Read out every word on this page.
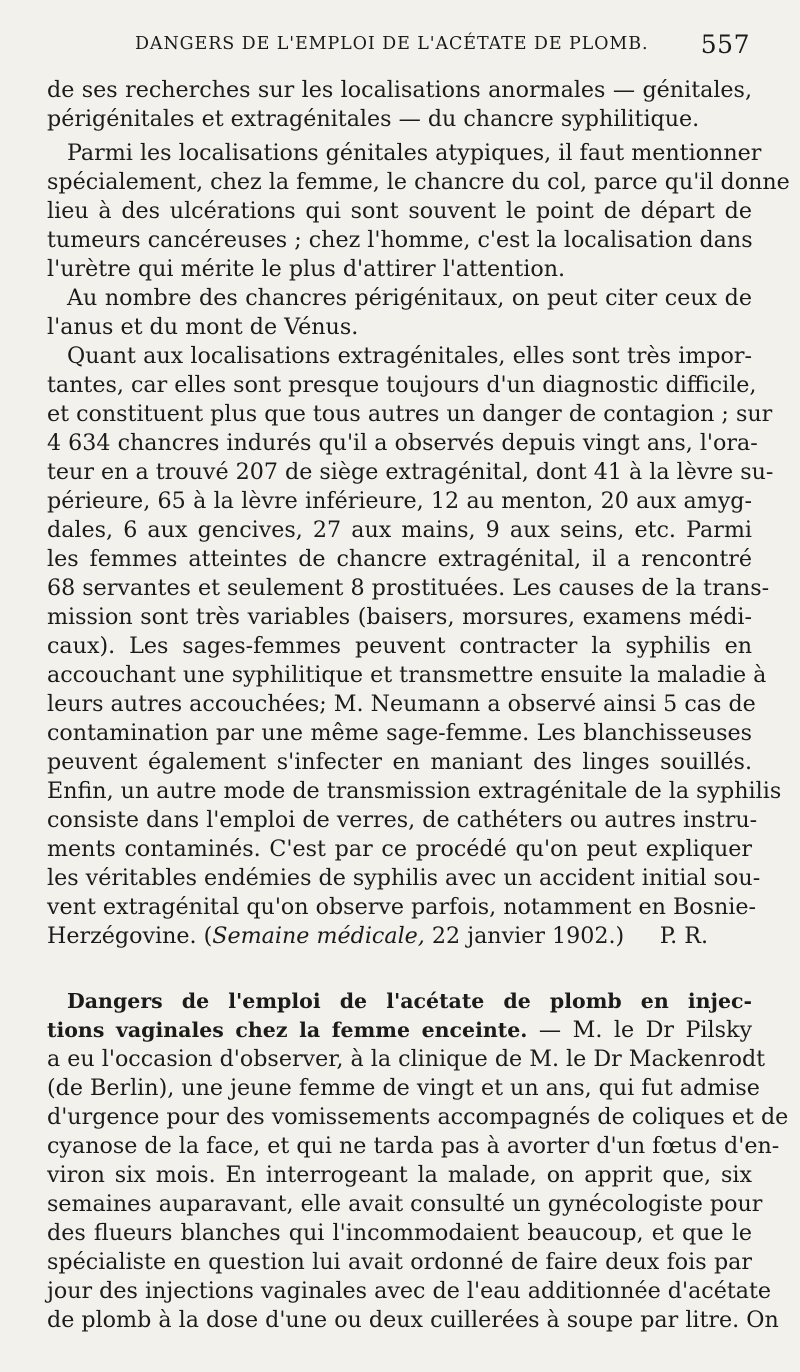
DANGERS DE L'EMPLOI DE L'ACÉTATE DE PLOMB. 557
de ses recherches sur les localisations anormales — génitales,
périgénitales et extragénitales — du chancre syphilitique.
Parmi les localisations génitales atypiques, il faut mentionner
spécialement, chez la femme, le chancre du col, parce qu'il donne
lieu à des ulcérations qui sont souvent le point de départ de
tumeurs cancéreuses ; chez l'homme, c'est la localisation dans
l'urètre qui mérite le plus d'attirer l'attention.
Au nombre des chancres périgénitaux, on peut citer ceux de
l'anus et du mont de Vénus.
Quant aux localisations extragénitales, elles sont très impor-
tantes, car elles sont presque toujours d'un diagnostic difficile,
et constituent plus que tous autres un danger de contagion ; sur
4 634 chancres indurés qu'il a observés depuis vingt ans, l'ora-
teur en a trouvé 207 de siège extragénital, dont 41 à la lèvre su-
périeure, 65 à la lèvre inférieure, 12 au menton, 20 aux amyg-
dales, 6 aux gencives, 27 aux mains, 9 aux seins, etc. Parmi
les femmes atteintes de chancre extragénital, il a rencontré
68 servantes et seulement 8 prostituées. Les causes de la trans-
mission sont très variables (baisers, morsures, examens médi-
caux). Les sages-femmes peuvent contracter la syphilis en
accouchant une syphilitique et transmettre ensuite la maladie à
leurs autres accouchées; M. Neumann a observé ainsi 5 cas de
contamination par une même sage-femme. Les blanchisseuses
peuvent également s'infecter en maniant des linges souillés.
Enfin, un autre mode de transmission extragénitale de la syphilis
consiste dans l'emploi de verres, de cathéters ou autres instru-
ments contaminés. C'est par ce procédé qu'on peut expliquer
les véritables endémies de syphilis avec un accident initial sou-
vent extragénital qu'on observe parfois, notamment en Bosnie-
Herzégovine. (Semaine médicale, 22 janvier 1902.) P. R.
Dangers de l'emploi de l'acétate de plomb en injec-
tions vaginales chez la femme enceinte. — M. le Dr Pilsky
a eu l'occasion d'observer, à la clinique de M. le Dr Mackenrodt
(de Berlin), une jeune femme de vingt et un ans, qui fut admise
d'urgence pour des vomissements accompagnés de coliques et de
cyanose de la face, et qui ne tarda pas à avorter d'un fœtus d'en-
viron six mois. En interrogeant la malade, on apprit que, six
semaines auparavant, elle avait consulté un gynécologiste pour
des flueurs blanches qui l'incommodaient beaucoup, et que le
spécialiste en question lui avait ordonné de faire deux fois par
jour des injections vaginales avec de l'eau additionnée d'acétate
de plomb à la dose d'une ou deux cuillerées à soupe par litre. On
